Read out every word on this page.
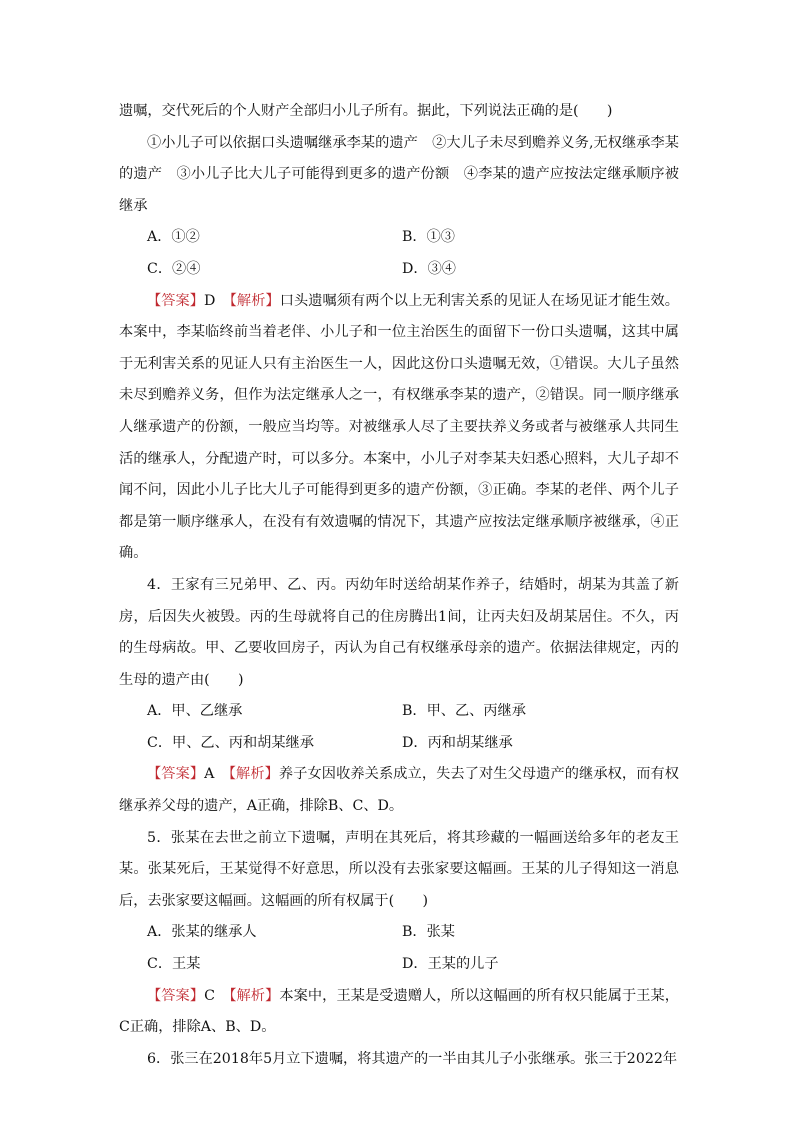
遗嘱，交代死后的个人财产全部归小儿子所有。据此，下列说法正确的是(　　)

①小儿子可以依据口头遗嘱继承李某的遗产　②大儿子未尽到赡养义务,无权继承李某的遗产　③小儿子比大儿子可能得到更多的遗产份额　④李某的遗产应按法定继承顺序被继承

A．①②	B．①③
C．②④	D．③④

【答案】D　【解析】口头遗嘱须有两个以上无利害关系的见证人在场见证才能生效。本案中，李某临终前当着老伴、小儿子和一位主治医生的面留下一份口头遗嘱，这其中属于无利害关系的见证人只有主治医生一人，因此这份口头遗嘱无效，①错误。大儿子虽然未尽到赡养义务，但作为法定继承人之一，有权继承李某的遗产，②错误。同一顺序继承人继承遗产的份额，一般应当均等。对被继承人尽了主要扶养义务或者与被继承人共同生活的继承人，分配遗产时，可以多分。本案中，小儿子对李某夫妇悉心照料，大儿子却不闻不问，因此小儿子比大儿子可能得到更多的遗产份额，③正确。李某的老伴、两个儿子都是第一顺序继承人，在没有有效遗嘱的情况下，其遗产应按法定继承顺序被继承，④正确。

4．王家有三兄弟甲、乙、丙。丙幼年时送给胡某作养子，结婚时，胡某为其盖了新房，后因失火被毁。丙的生母就将自己的住房腾出1间，让丙夫妇及胡某居住。不久，丙的生母病故。甲、乙要收回房子，丙认为自己有权继承母亲的遗产。依据法律规定，丙的生母的遗产由(　　)

A．甲、乙继承	B．甲、乙、丙继承
C．甲、乙、丙和胡某继承	D．丙和胡某继承

【答案】A　【解析】养子女因收养关系成立，失去了对生父母遗产的继承权，而有权继承养父母的遗产，A正确，排除B、C、D。

5．张某在去世之前立下遗嘱，声明在其死后，将其珍藏的一幅画送给多年的老友王某。张某死后，王某觉得不好意思，所以没有去张家要这幅画。王某的儿子得知这一消息后，去张家要这幅画。这幅画的所有权属于(　　)

A．张某的继承人	B．张某
C．王某	D．王某的儿子

【答案】C　【解析】本案中，王某是受遗赠人，所以这幅画的所有权只能属于王某，C正确，排除A、B、D。

6．张三在2018年5月立下遗嘱，将其遗产的一半由其儿子小张继承。张三于2022年
